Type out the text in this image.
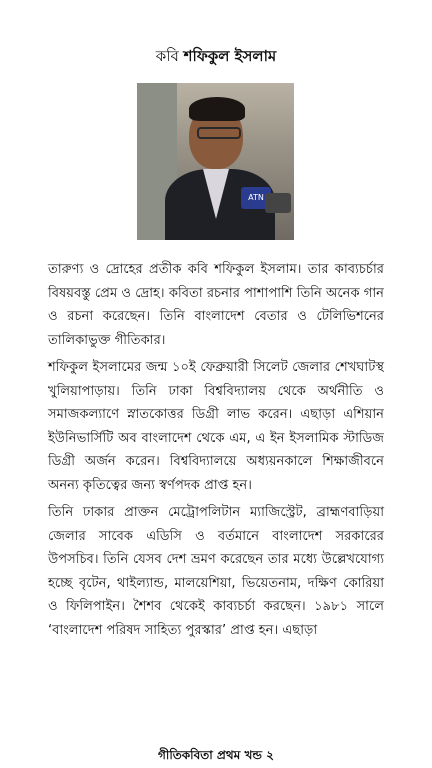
কবি শফিকুল ইসলাম
ATN

তারুণ্য ও দ্রোহের প্রতীক কবি শফিকুল ইসলাম। তার কাব্যচর্চার বিষয়বস্তু প্রেম ও দ্রোহ। কবিতা রচনার পাশাপাশি তিনি অনেক গান ও রচনা করেছেন। তিনি বাংলাদেশ বেতার ও টেলিভিশনের তালিকাভুক্ত গীতিকার।

শফিকুল ইসলামের জন্ম ১০ই ফেব্রুয়ারী সিলেট জেলার শেখঘাটস্থ খুলিয়াপাড়ায়। তিনি ঢাকা বিশ্ববিদ্যালয় থেকে অর্থনীতি ও সমাজকল্যাণে স্নাতকোত্তর ডিগ্রী লাভ করেন। এছাড়া এশিয়ান ইউনিভার্সিটি অব বাংলাদেশ থেকে এম, এ ইন ইসলামিক স্টাডিজ ডিগ্রী অর্জন করেন। বিশ্ববিদ্যালয়ে অধ্যয়নকালে শিক্ষাজীবনে অনন্য কৃতিত্বের জন্য স্বর্ণপদক প্রাপ্ত হন।

তিনি ঢাকার প্রাক্তন মেট্রোপলিটান ম্যাজিস্ট্রেট, ব্রাহ্মণবাড়িয়া জেলার সাবেক এডিসি ও বর্তমানে বাংলাদেশ সরকারের উপসচিব। তিনি যেসব দেশ ভ্রমণ করেছেন তার মধ্যে উল্লেখযোগ্য হচ্ছে বৃটেন, থাইল্যান্ড, মালয়েশিয়া, ভিয়েতনাম, দক্ষিণ কোরিয়া ও ফিলিপাইন। শৈশব থেকেই কাব্যচর্চা করছেন। ১৯৮১ সালে ‘বাংলাদেশ পরিষদ সাহিত্য পুরস্কার’ প্রাপ্ত হন। এছাড়া

গীতিকবিতা প্রথম খন্ড ২
